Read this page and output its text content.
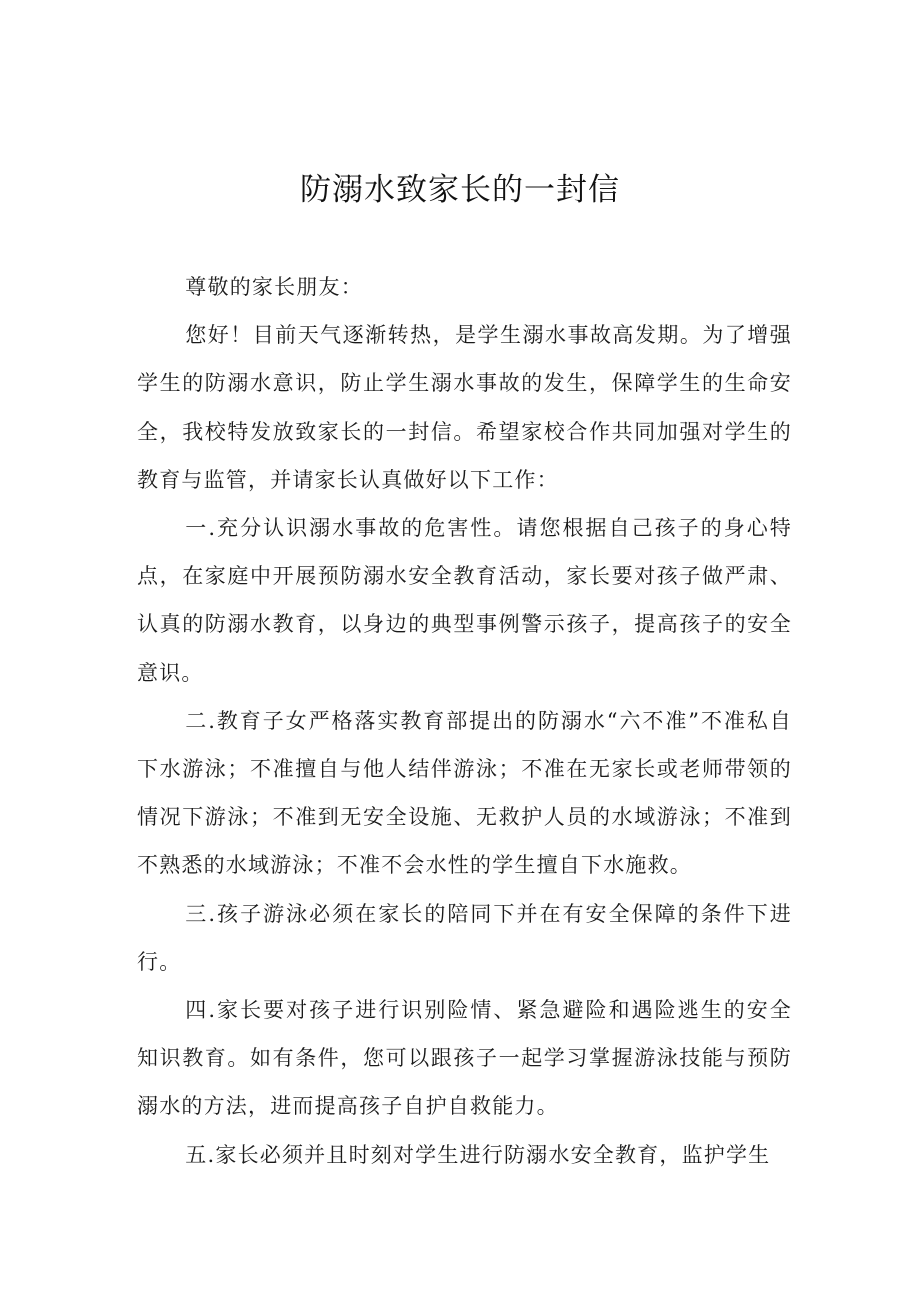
防溺水致家长的一封信

尊敬的家长朋友：

您好！目前天气逐渐转热，是学生溺水事故高发期。为了增强学生的防溺水意识，防止学生溺水事故的发生，保障学生的生命安全，我校特发放致家长的一封信。希望家校合作共同加强对学生的教育与监管，并请家长认真做好以下工作：

一.充分认识溺水事故的危害性。请您根据自己孩子的身心特点，在家庭中开展预防溺水安全教育活动，家长要对孩子做严肃、认真的防溺水教育，以身边的典型事例警示孩子，提高孩子的安全意识。

二.教育子女严格落实教育部提出的防溺水“六不准”不准私自下水游泳；不准擅自与他人结伴游泳；不准在无家长或老师带领的情况下游泳；不准到无安全设施、无救护人员的水域游泳；不准到不熟悉的水域游泳；不准不会水性的学生擅自下水施救。

三.孩子游泳必须在家长的陪同下并在有安全保障的条件下进行。

四.家长要对孩子进行识别险情、紧急避险和遇险逃生的安全知识教育。如有条件，您可以跟孩子一起学习掌握游泳技能与预防溺水的方法，进而提高孩子自护自救能力。

五.家长必须并且时刻对学生进行防溺水安全教育，监护学生
